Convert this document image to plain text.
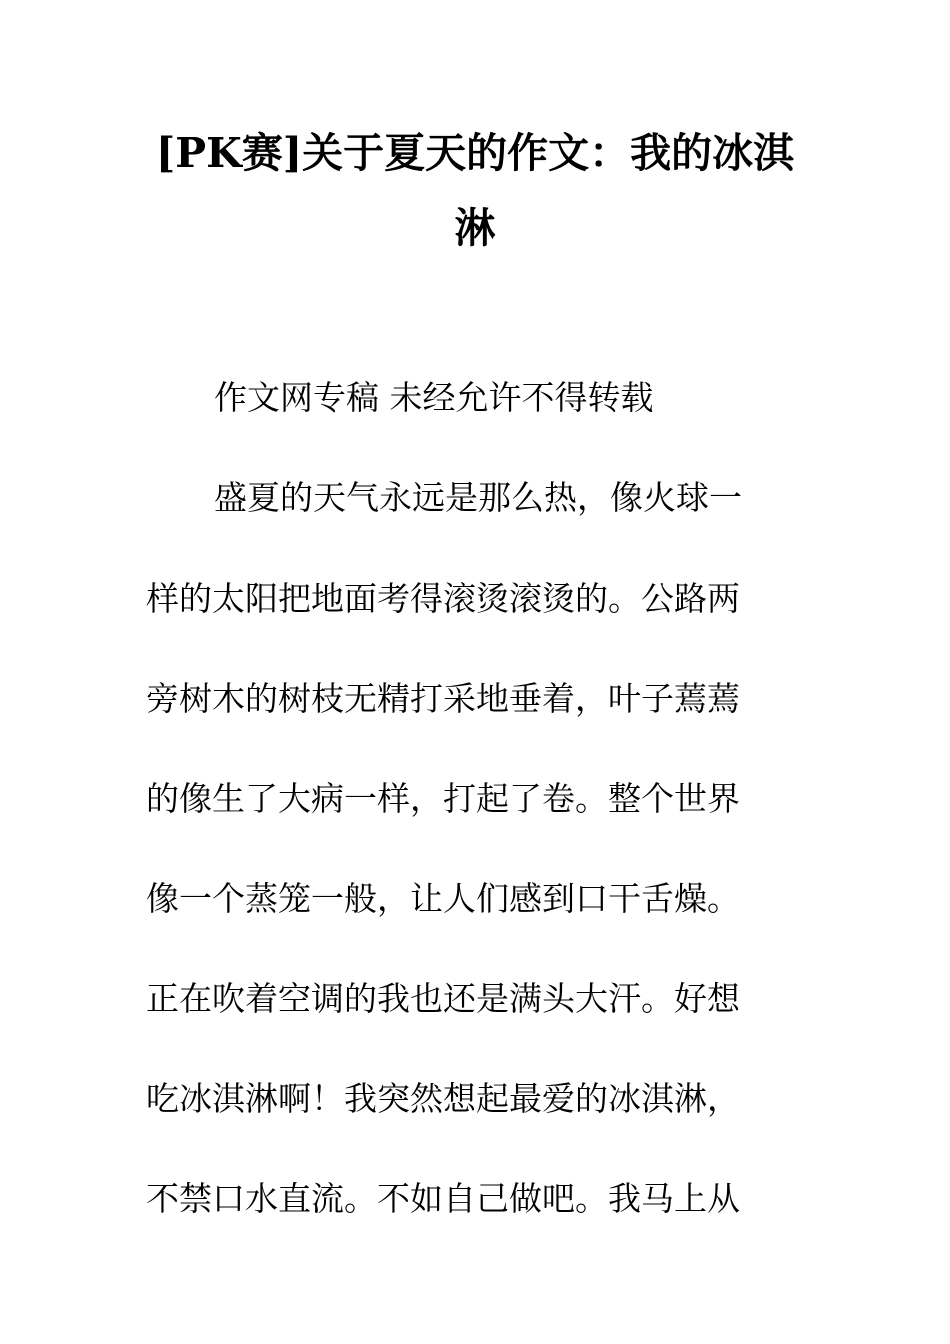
[PK赛]关于夏天的作文：我的冰淇
淋
作文网专稿 未经允许不得转载
盛夏的天气永远是那么热，像火球一
样的太阳把地面考得滚烫滚烫的。公路两
旁树木的树枝无精打采地垂着，叶子蔫蔫
的像生了大病一样，打起了卷。整个世界
像一个蒸笼一般，让人们感到口干舌燥。
正在吹着空调的我也还是满头大汗。好想
吃冰淇淋啊！我突然想起最爱的冰淇淋，
不禁口水直流。不如自己做吧。我马上从
